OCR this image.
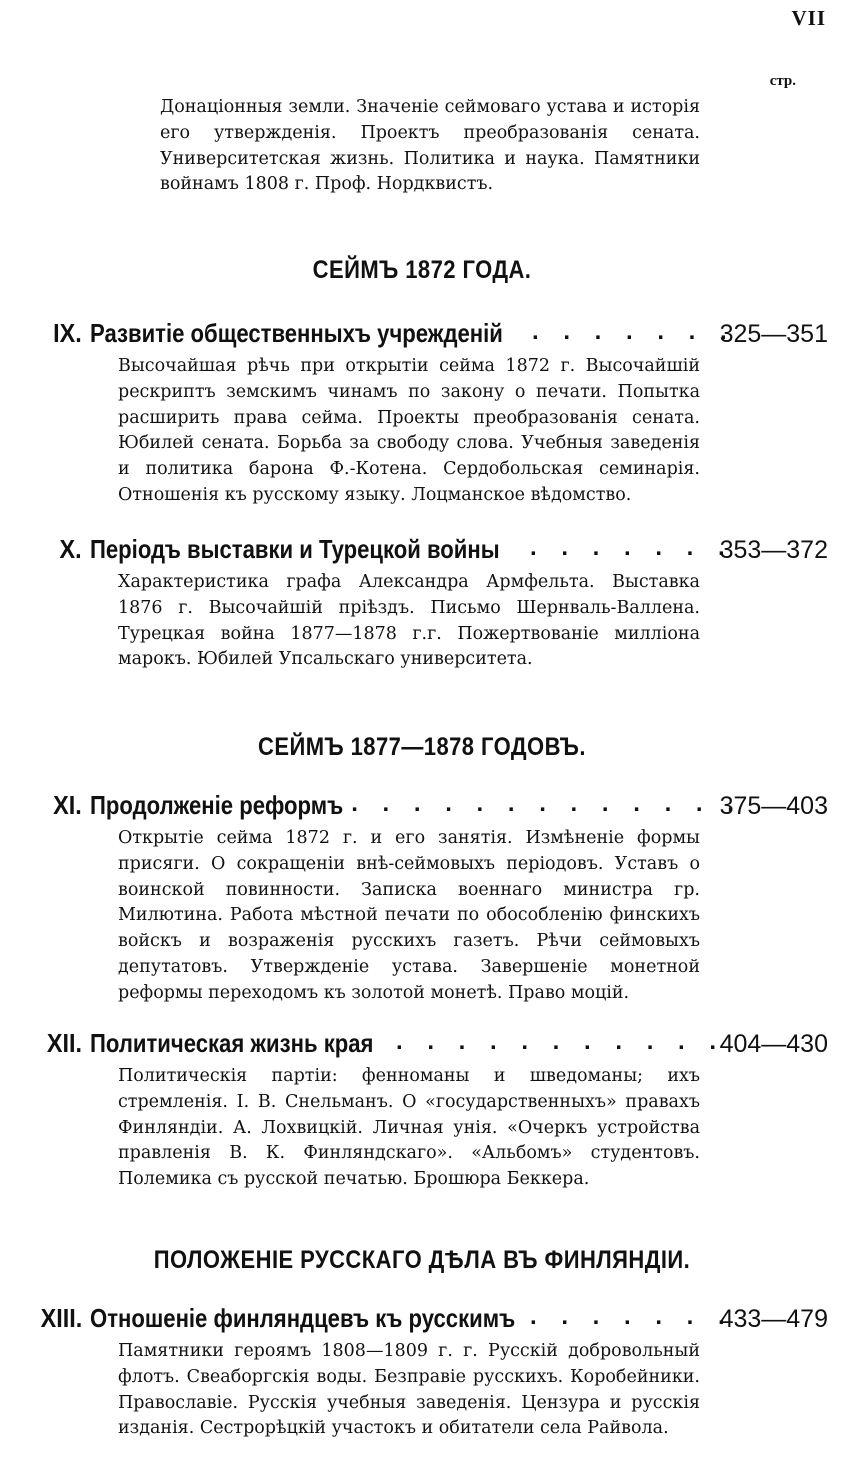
VII
стр.

Донаціонныя земли. Значеніе сеймоваго устава и исторія его утвержденія. Проектъ преобразованія сената. Университетская жизнь. Политика и наука. Памятники войнамъ 1808 г. Проф. Нордквистъ.

СЕЙМЪ 1872 ГОДА.
IX. Развитіе общественныхъ учрежденій . . . . . . .
325—351

Высочайшая рѣчь при открытіи сейма 1872 г. Высочайшій рескриптъ земскимъ чинамъ по закону о печати. Попытка расширить права сейма. Проекты преобразованія сената. Юбилей сената. Борьба за свободу слова. Учебныя заведенія и политика барона Ф.-Котена. Сердобольская семинарія. Отношенія къ русскому языку. Лоцманское вѣдомство.

X. Періодъ выставки и Турецкой войны . . . . . . .
353—372

Характеристика графа Александра Армфельта. Выставка 1876 г. Высочайшій пріѣздъ. Письмо Шернваль-Валлена. Турецкая война 1877—1878 г.г. Пожертвованіе милліона марокъ. Юбилей Упсальскаго университета.

СЕЙМЪ 1877—1878 ГОДОВЪ.
XI. Продолженіе реформъ . . . . . . . . . . . . .
375—403

Открытіе сейма 1872 г. и его занятія. Измѣненіе формы присяги. О сокращеніи внѣ-сеймовыхъ періодовъ. Уставъ о воинской повинности. Записка военнаго министра гр. Милютина. Работа мѣстной печати по обособленію финскихъ войскъ и возраженія русскихъ газетъ. Рѣчи сеймовыхъ депутатовъ. Утвержденіе устава. Завершеніе монетной реформы переходомъ къ золотой монетѣ. Право моцій.

XII. Политическая жизнь края . . . . . . . . . . .
404—430

Политическія партіи: фенноманы и шведоманы; ихъ стремленія. І. В. Снельманъ. О «государственныхъ» правахъ Финляндіи. А. Лохвицкій. Личная унія. «Очеркъ устройства правленія В. К. Финляндскаго». «Альбомъ» студентовъ. Полемика съ русской печатью. Брошюра Беккера.

ПОЛОЖЕНІЕ РУССКАГО ДѢЛА ВЪ ФИНЛЯНДІИ.
XIII. Отношеніе финляндцевъ къ русскимъ . . . . . . .
433—479

Памятники героямъ 1808—1809 г. г. Русскій добровольный флотъ. Свеаборгскія воды. Безправіе русскихъ. Коробейники. Православіе. Русскія учебныя заведенія. Цензура и русскія изданія. Сестрорѣцкій участокъ и обитатели села Райвола.
